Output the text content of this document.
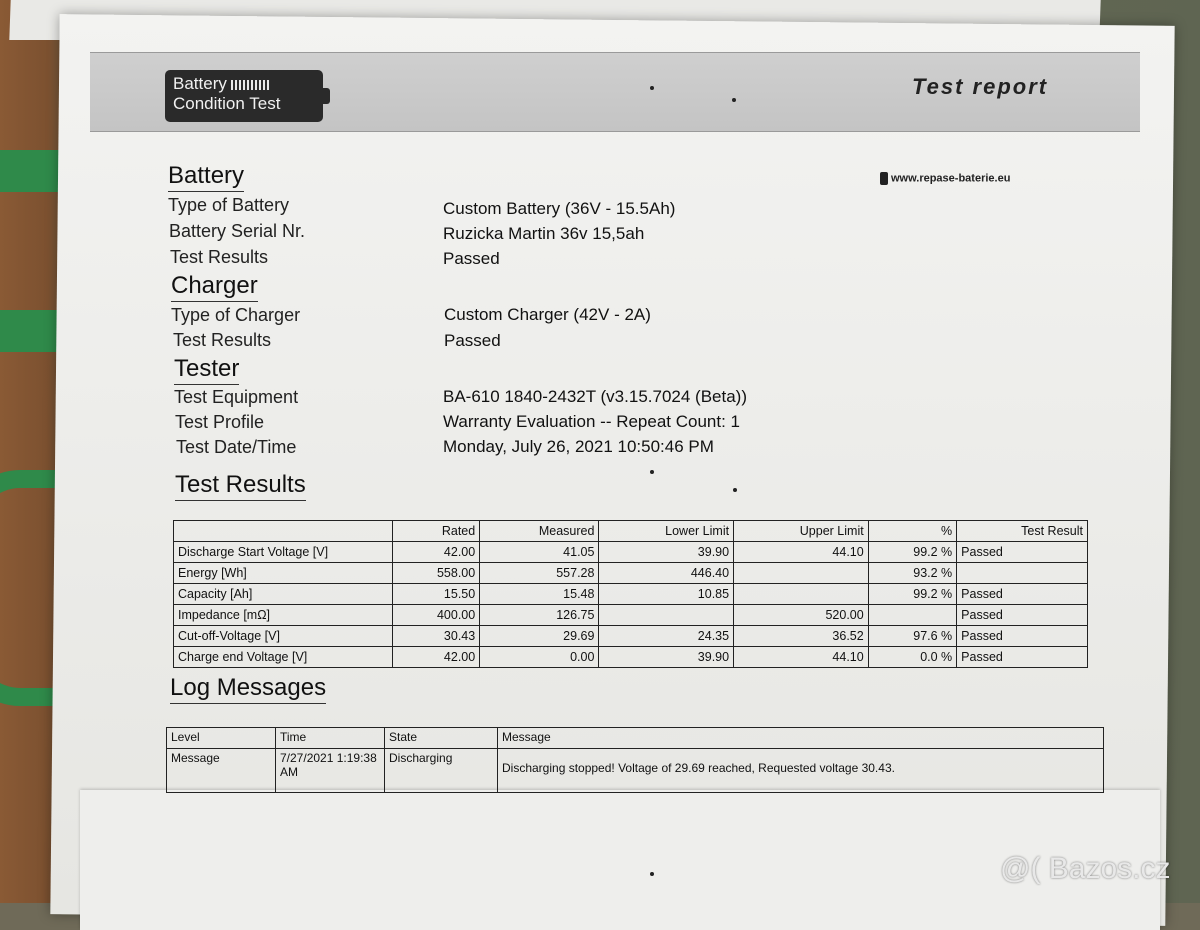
Battery
Condition Test
Test report
www.repase-baterie.eu
Battery
Type of Battery	Custom Battery (36V - 15.5Ah)
Battery Serial Nr.	Ruzicka Martin 36v 15,5ah
Test Results	Passed
Charger
Type of Charger	Custom Charger (42V - 2A)
Test Results	Passed
Tester
Test Equipment	BA-610 1840-2432T (v3.15.7024 (Beta))
Test Profile	Warranty Evaluation -- Repeat Count: 1
Test Date/Time	Monday, July 26, 2021 10:50:46 PM
Test Results
	Rated	Measured	Lower Limit	Upper Limit	%	Test Result
Discharge Start Voltage [V]	42.00	41.05	39.90	44.10	99.2 %	Passed
Energy [Wh]	558.00	557.28	446.40		93.2 %	
Capacity [Ah]	15.50	15.48	10.85		99.2 %	Passed
Impedance [mΩ]	400.00	126.75		520.00		Passed
Cut-off-Voltage [V]	30.43	29.69	24.35	36.52	97.6 %	Passed
Charge end Voltage [V]	42.00	0.00	39.90	44.10	0.0 %	Passed
Log Messages
Level	Time	State	Message
Message	7/27/2021 1:19:38 AM	Discharging	Discharging stopped! Voltage of 29.69 reached, Requested voltage 30.43.
@( Bazos.cz
